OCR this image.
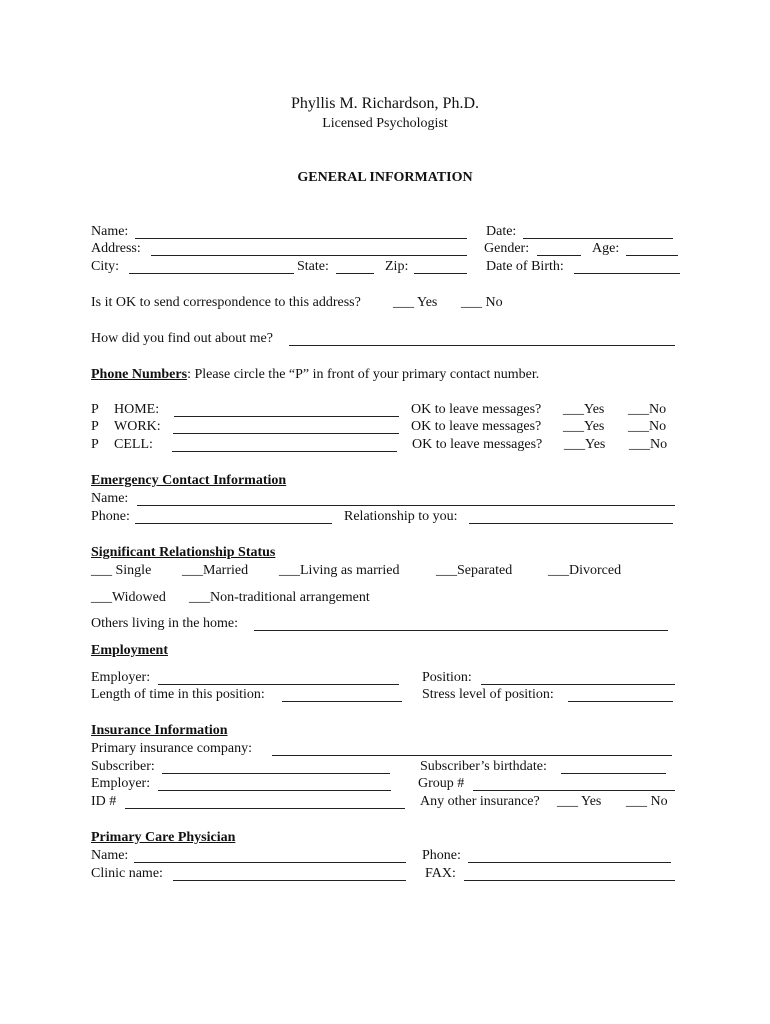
Phyllis M. Richardson, Ph.D.
Licensed Psychologist
GENERAL INFORMATION
Name:	Date:
Address:	Gender:	Age:
City:	State:	Zip:	Date of Birth:
Is it OK to send correspondence to this address? ___ Yes ___ No
How did you find out about me?
Phone Numbers: Please circle the “P” in front of your primary contact number.
P HOME:	OK to leave messages? ___Yes ___No
P WORK:	OK to leave messages? ___Yes ___No
P CELL:	OK to leave messages? ___Yes ___No
Emergency Contact Information
Name:
Phone:	Relationship to you:
Significant Relationship Status
___ Single ___Married ___Living as married	___Separated	___Divorced
___Widowed ___Non-traditional arrangement
Others living in the home:
Employment
Employer:	Position:
Length of time in this position:	Stress level of position:
Insurance Information
Primary insurance company:
Subscriber:	Subscriber’s birthdate:
Employer:	Group #
ID #	Any other insurance? ___ Yes ___ No
Primary Care Physician
Name:	Phone:
Clinic name:	FAX:
